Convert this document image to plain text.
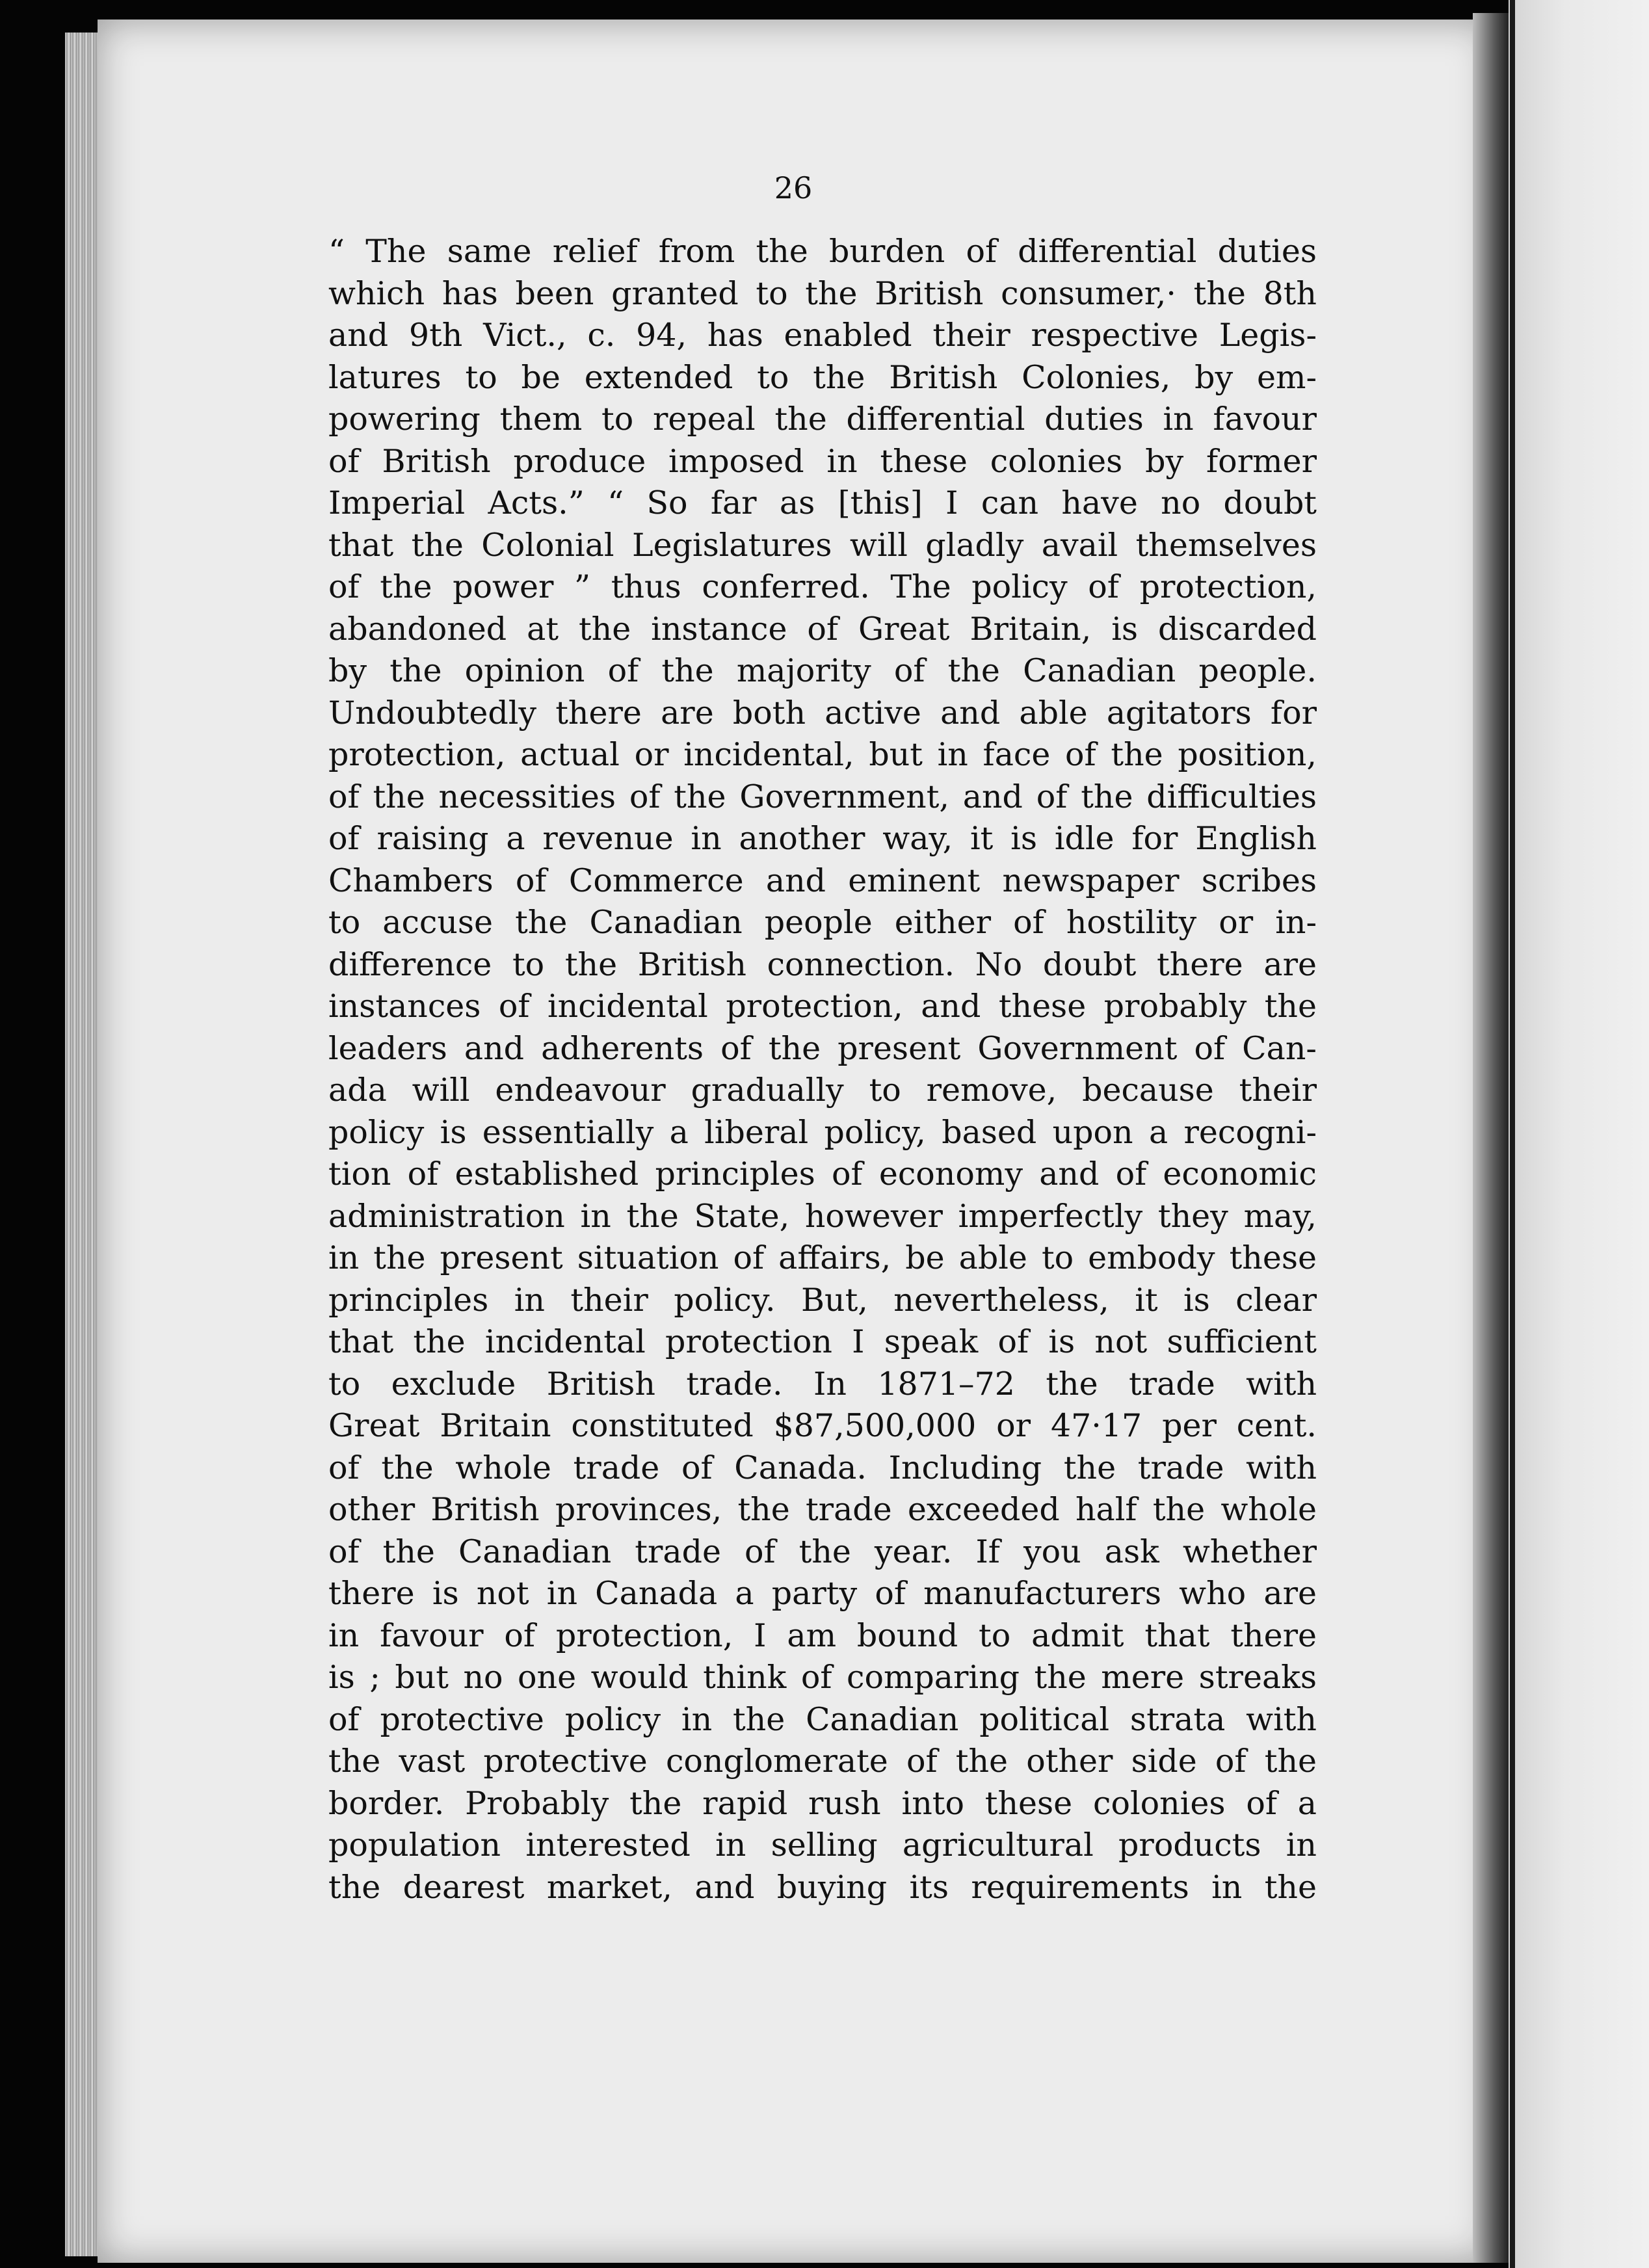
26
“ The same relief from the burden of differential duties
which has been granted to the British consumer,· the 8th
and 9th Vict., c. 94, has enabled their respective Legis-
latures to be extended to the British Colonies, by em-
powering them to repeal the differential duties in favour
of British produce imposed in these colonies by former
Imperial Acts.” “ So far as [this] I can have no doubt
that the Colonial Legislatures will gladly avail themselves
of the power ” thus conferred. The policy of protection,
abandoned at the instance of Great Britain, is discarded
by the opinion of the majority of the Canadian people.
Undoubtedly there are both active and able agitators for
protection, actual or incidental, but in face of the position,
of the necessities of the Government, and of the difficulties
of raising a revenue in another way, it is idle for English
Chambers of Commerce and eminent newspaper scribes
to accuse the Canadian people either of hostility or in-
difference to the British connection. No doubt there are
instances of incidental protection, and these probably the
leaders and adherents of the present Government of Can-
ada will endeavour gradually to remove, because their
policy is essentially a liberal policy, based upon a recogni-
tion of established principles of economy and of economic
administration in the State, however imperfectly they may,
in the present situation of affairs, be able to embody these
principles in their policy. But, nevertheless, it is clear
that the incidental protection I speak of is not sufficient
to exclude British trade. In 1871–72 the trade with
Great Britain constituted $87,500,000 or 47·17 per cent.
of the whole trade of Canada. Including the trade with
other British provinces, the trade exceeded half the whole
of the Canadian trade of the year. If you ask whether
there is not in Canada a party of manufacturers who are
in favour of protection, I am bound to admit that there
is ; but no one would think of comparing the mere streaks
of protective policy in the Canadian political strata with
the vast protective conglomerate of the other side of the
border. Probably the rapid rush into these colonies of a
population interested in selling agricultural products in
the dearest market, and buying its requirements in the
